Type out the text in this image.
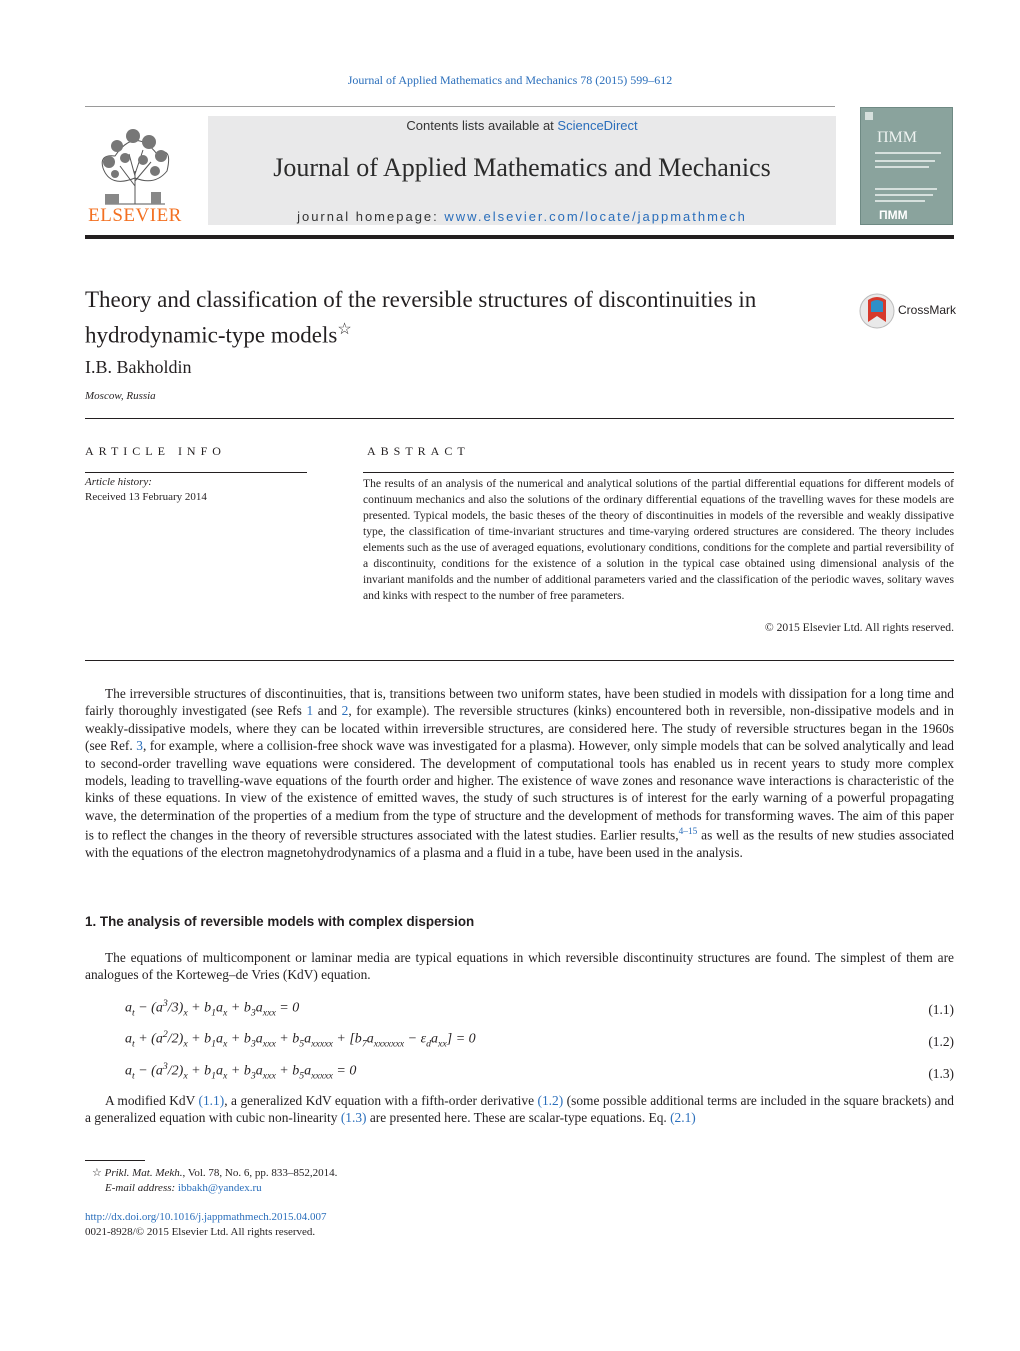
Journal of Applied Mathematics and Mechanics 78 (2015) 599–612
ELSEVIER
Contents lists available at ScienceDirect
Journal of Applied Mathematics and Mechanics
journal homepage: www.elsevier.com/locate/jappmathmech
ПММ
ПММ
Theory and classification of the reversible structures of discontinuities in hydrodynamic-type models☆
CrossMark
I.B. Bakholdin
Moscow, Russia
ARTICLE INFO	ABSTRACT
Article history:
Received 13 February 2014
The results of an analysis of the numerical and analytical solutions of the partial differential equations for different models of continuum mechanics and also the solutions of the ordinary differential equations of the travelling waves for these models are presented. Typical models, the basic theses of the theory of discontinuities in models of the reversible and weakly dissipative type, the classification of time-invariant structures and time-varying ordered structures are considered. The theory includes elements such as the use of averaged equations, evolutionary conditions, conditions for the complete and partial reversibility of a discontinuity, conditions for the existence of a solution in the typical case obtained using dimensional analysis of the invariant manifolds and the number of additional parameters varied and the classification of the periodic waves, solitary waves and kinks with respect to the number of free parameters.
© 2015 Elsevier Ltd. All rights reserved.
The irreversible structures of discontinuities, that is, transitions between two uniform states, have been studied in models with dissipation for a long time and fairly thoroughly investigated (see Refs 1 and 2, for example). The reversible structures (kinks) encountered both in reversible, non-dissipative models and in weakly-dissipative models, where they can be located within irreversible structures, are considered here. The study of reversible structures began in the 1960s (see Ref. 3, for example, where a collision-free shock wave was investigated for a plasma). However, only simple models that can be solved analytically and lead to second-order travelling wave equations were considered. The development of computational tools has enabled us in recent years to study more complex models, leading to travelling-wave equations of the fourth order and higher. The existence of wave zones and resonance wave interactions is characteristic of the kinks of these equations. In view of the existence of emitted waves, the study of such structures is of interest for the early warning of a powerful propagating wave, the determination of the properties of a medium from the type of structure and the development of methods for transforming waves. The aim of this paper is to reflect the changes in the theory of reversible structures associated with the latest studies. Earlier results,$^{4-15}$ as well as the results of new studies associated with the equations of the electron magnetohydrodynamics of a plasma and a fluid in a tube, have been used in the analysis.
1. The analysis of reversible models with complex dispersion
The equations of multicomponent or laminar media are typical equations in which reversible discontinuity structures are found. The simplest of them are analogues of the Korteweg–de Vries (KdV) equation.
$a_t - (a^3/3)_x + b_1a_x + b_3a_{xxx} = 0$	(1.1)
$a_t + (a^2/2)_x + b_1a_x + b_3a_{xxx} + b_5a_{xxxxx} + [b_7a_{xxxxxxx} - \varepsilon_da_{xx}] = 0$	(1.2)
$a_t - (a^3/2)_x + b_1a_x + b_3a_{xxx} + b_5a_{xxxxx} = 0$	(1.3)
A modified KdV (1.1), a generalized KdV equation with a fifth-order derivative (1.2) (some possible additional terms are included in the square brackets) and a generalized equation with cubic non-linearity (1.3) are presented here. These are scalar-type equations. Eq. (2.1)
☆ Prikl. Mat. Mekh., Vol. 78, No. 6, pp. 833–852,2014.
E-mail address: ibbakh@yandex.ru
http://dx.doi.org/10.1016/j.jappmathmech.2015.04.007
0021-8928/© 2015 Elsevier Ltd. All rights reserved.
